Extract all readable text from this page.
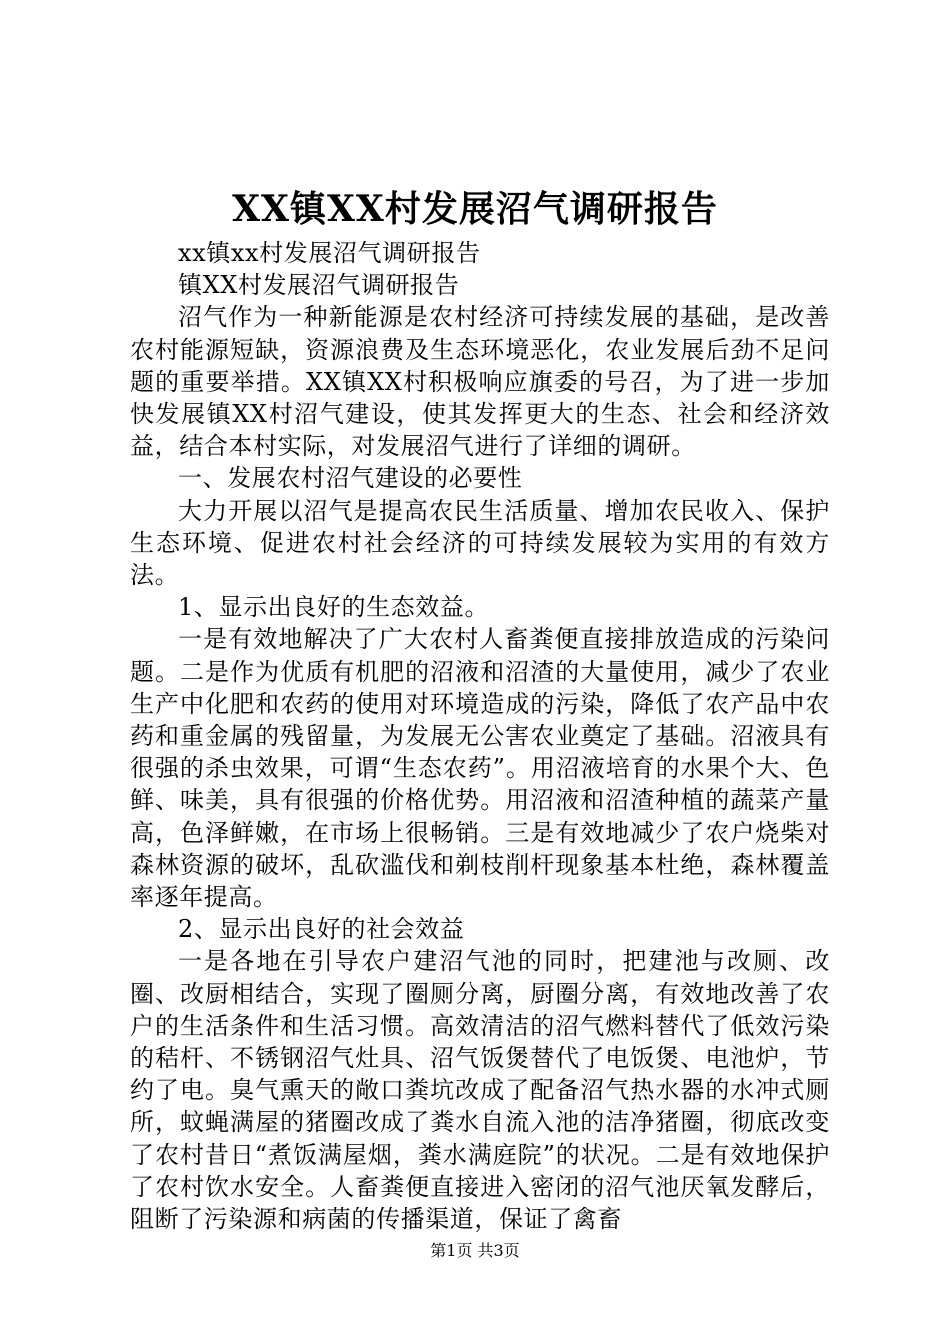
XX镇XX村发展沼气调研报告

xx镇xx村发展沼气调研报告

镇XX村发展沼气调研报告

沼气作为一种新能源是农村经济可持续发展的基础，是改善农村能源短缺，资源浪费及生态环境恶化，农业发展后劲不足问题的重要举措。XX镇XX村积极响应旗委的号召，为了进一步加快发展镇XX村沼气建设，使其发挥更大的生态、社会和经济效益，结合本村实际，对发展沼气进行了详细的调研。

一、发展农村沼气建设的必要性

大力开展以沼气是提高农民生活质量、增加农民收入、保护生态环境、促进农村社会经济的可持续发展较为实用的有效方法。

1、显示出良好的生态效益。

一是有效地解决了广大农村人畜粪便直接排放造成的污染问题。二是作为优质有机肥的沼液和沼渣的大量使用，减少了农业生产中化肥和农药的使用对环境造成的污染，降低了农产品中农药和重金属的残留量，为发展无公害农业奠定了基础。沼液具有很强的杀虫效果，可谓“生态农药”。用沼液培育的水果个大、色鲜、味美，具有很强的价格优势。用沼液和沼渣种植的蔬菜产量高，色泽鲜嫩，在市场上很畅销。三是有效地减少了农户烧柴对森林资源的破坏，乱砍滥伐和剃枝削杆现象基本杜绝，森林覆盖率逐年提高。

2、显示出良好的社会效益

一是各地在引导农户建沼气池的同时，把建池与改厕、改圈、改厨相结合，实现了圈厕分离，厨圈分离，有效地改善了农户的生活条件和生活习惯。高效清洁的沼气燃料替代了低效污染的秸杆、不锈钢沼气灶具、沼气饭煲替代了电饭煲、电池炉，节约了电。臭气熏天的敞口粪坑改成了配备沼气热水器的水冲式厕所，蚊蝇满屋的猪圈改成了粪水自流入池的洁净猪圈，彻底改变了农村昔日“煮饭满屋烟，粪水满庭院”的状况。二是有效地保护了农村饮水安全。人畜粪便直接进入密闭的沼气池厌氧发酵后，阻断了污染源和病菌的传播渠道，保证了禽畜

第1页 共3页
